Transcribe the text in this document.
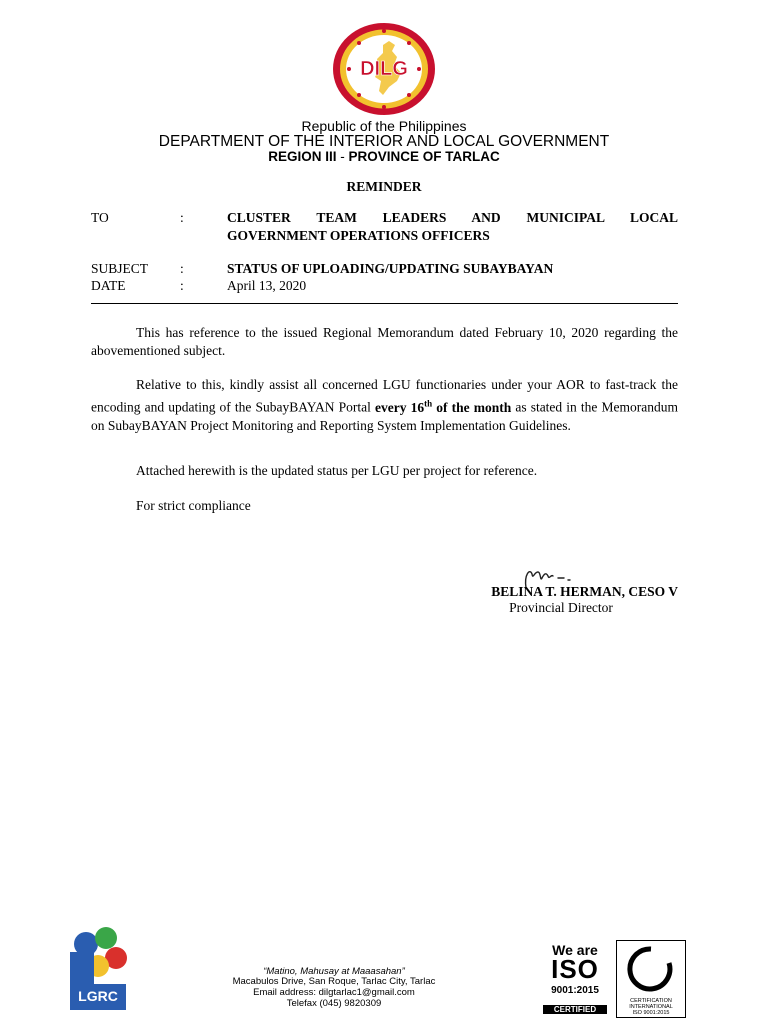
DILG
Republic of the Philippines
DEPARTMENT OF THE INTERIOR AND LOCAL GOVERNMENT
REGION III - PROVINCE OF TARLAC
REMINDER
TO	:	CLUSTER TEAM LEADERS AND MUNICIPAL LOCAL
GOVERNMENT OPERATIONS OFFICERS
SUBJECT :	STATUS OF UPLOADING/UPDATING SUBAYBAYAN
DATE	:	April 13, 2020
This has reference to the issued Regional Memorandum dated February 10, 2020 regarding the abovementioned subject.
Relative to this, kindly assist all concerned LGU functionaries under your AOR to fast-track the encoding and updating of the SubayBAYAN Portal every 16th of the month as stated in the Memorandum on SubayBAYAN Project Monitoring and Reporting System Implementation Guidelines.
Attached herewith is the updated status per LGU per project for reference.
For strict compliance
BELINA T. HERMAN, CESO V
Provincial Director
LGRC
“Matino, Mahusay at Maaasahan”
Macabulos Drive, San Roque, Tarlac City, Tarlac
Email address: dilgtarlac1@gmail.com
Telefax (045) 9820309
We are
ISO
9001:2015
CERTIFIED
CERTIFICATION
INTERNATIONAL
ISO 9001:2015
